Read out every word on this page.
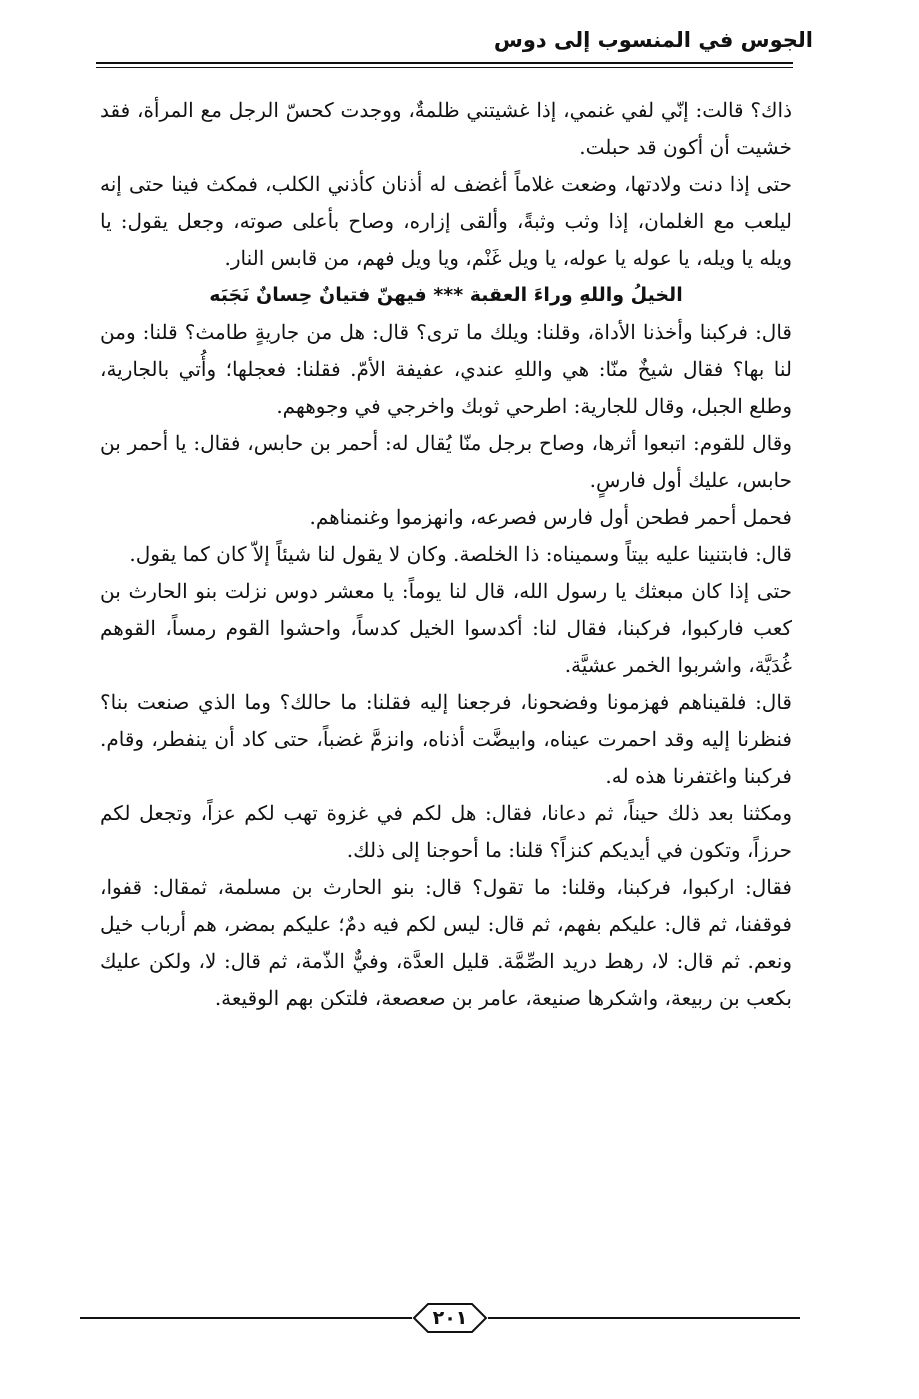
الجوس في المنسوب إلى دوس

ذاك؟ قالت: إنّي لفي غنمي، إذا غشيتني ظلمةٌ، ووجدت كحسّ الرجل مع المرأة، فقد خشيت أن أكون قد حبلت.

حتى إذا دنت ولادتها، وضعت غلاماً أغضف له أذنان كأذني الكلب، فمكث فينا حتى إنه ليلعب مع الغلمان، إذا وثب وثبةً، وألقى إزاره، وصاح بأعلى صوته، وجعل يقول: يا ويله يا ويله، يا عوله يا عوله، يا ويل غَنْم، ويا ويل فهم، من قابس النار.

الخيلُ واللهِ وراءَ العقبة *** فيهنّ فتيانٌ حِسانٌ نَجَبَه

قال: فركبنا وأخذنا الأداة، وقلنا: ويلك ما ترى؟ قال: هل من جاريةٍ طامث؟ قلنا: ومن لنا بها؟ فقال شيخٌ منّا: هي واللهِ عندي، عفيفة الأمّ. فقلنا: فعجلها؛ وأُتي بالجارية، وطلع الجبل، وقال للجارية: اطرحي ثوبك واخرجي في وجوههم.

وقال للقوم: اتبعوا أثرها، وصاح برجل منّا يُقال له: أحمر بن حابس، فقال: يا أحمر بن حابس، عليك أول فارسٍ.

فحمل أحمر فطحن أول فارس فصرعه، وانهزموا وغنمناهم.

قال: فابتنينا عليه بيتاً وسميناه: ذا الخلصة. وكان لا يقول لنا شيئاً إلاّ كان كما يقول.

حتى إذا كان مبعثك يا رسول الله، قال لنا يوماً: يا معشر دوس نزلت بنو الحارث بن كعب فاركبوا، فركبنا، فقال لنا: أكدسوا الخيل كدساً، واحشوا القوم رمساً، القوهم غُدَيَّة، واشربوا الخمر عشيَّة.

قال: فلقيناهم فهزمونا وفضحونا، فرجعنا إليه فقلنا: ما حالك؟ وما الذي صنعت بنا؟ فنظرنا إليه وقد احمرت عيناه، وابيضَّت أذناه، وانزمَّ غضباً، حتى كاد أن ينفطر، وقام. فركبنا واغتفرنا هذه له.

ومكثنا بعد ذلك حيناً، ثم دعانا، فقال: هل لكم في غزوة تهب لكم عزاً، وتجعل لكم حرزاً، وتكون في أيديكم كنزاً؟ قلنا: ما أحوجنا إلى ذلك.

فقال: اركبوا، فركبنا، وقلنا: ما تقول؟ قال: بنو الحارث بن مسلمة، ثمقال: قفوا، فوقفنا، ثم قال: عليكم بفهم، ثم قال: ليس لكم فيه دمٌ؛ عليكم بمضر، هم أرباب خيل ونعم. ثم قال: لا، رهط دريد الصِّمَّة. قليل العدَّة، وفيٌّ الذّمة، ثم قال: لا، ولكن عليك بكعب بن ربيعة، واشكرها صنيعة، عامر بن صعصعة، فلتكن بهم الوقيعة.

٢٠١
